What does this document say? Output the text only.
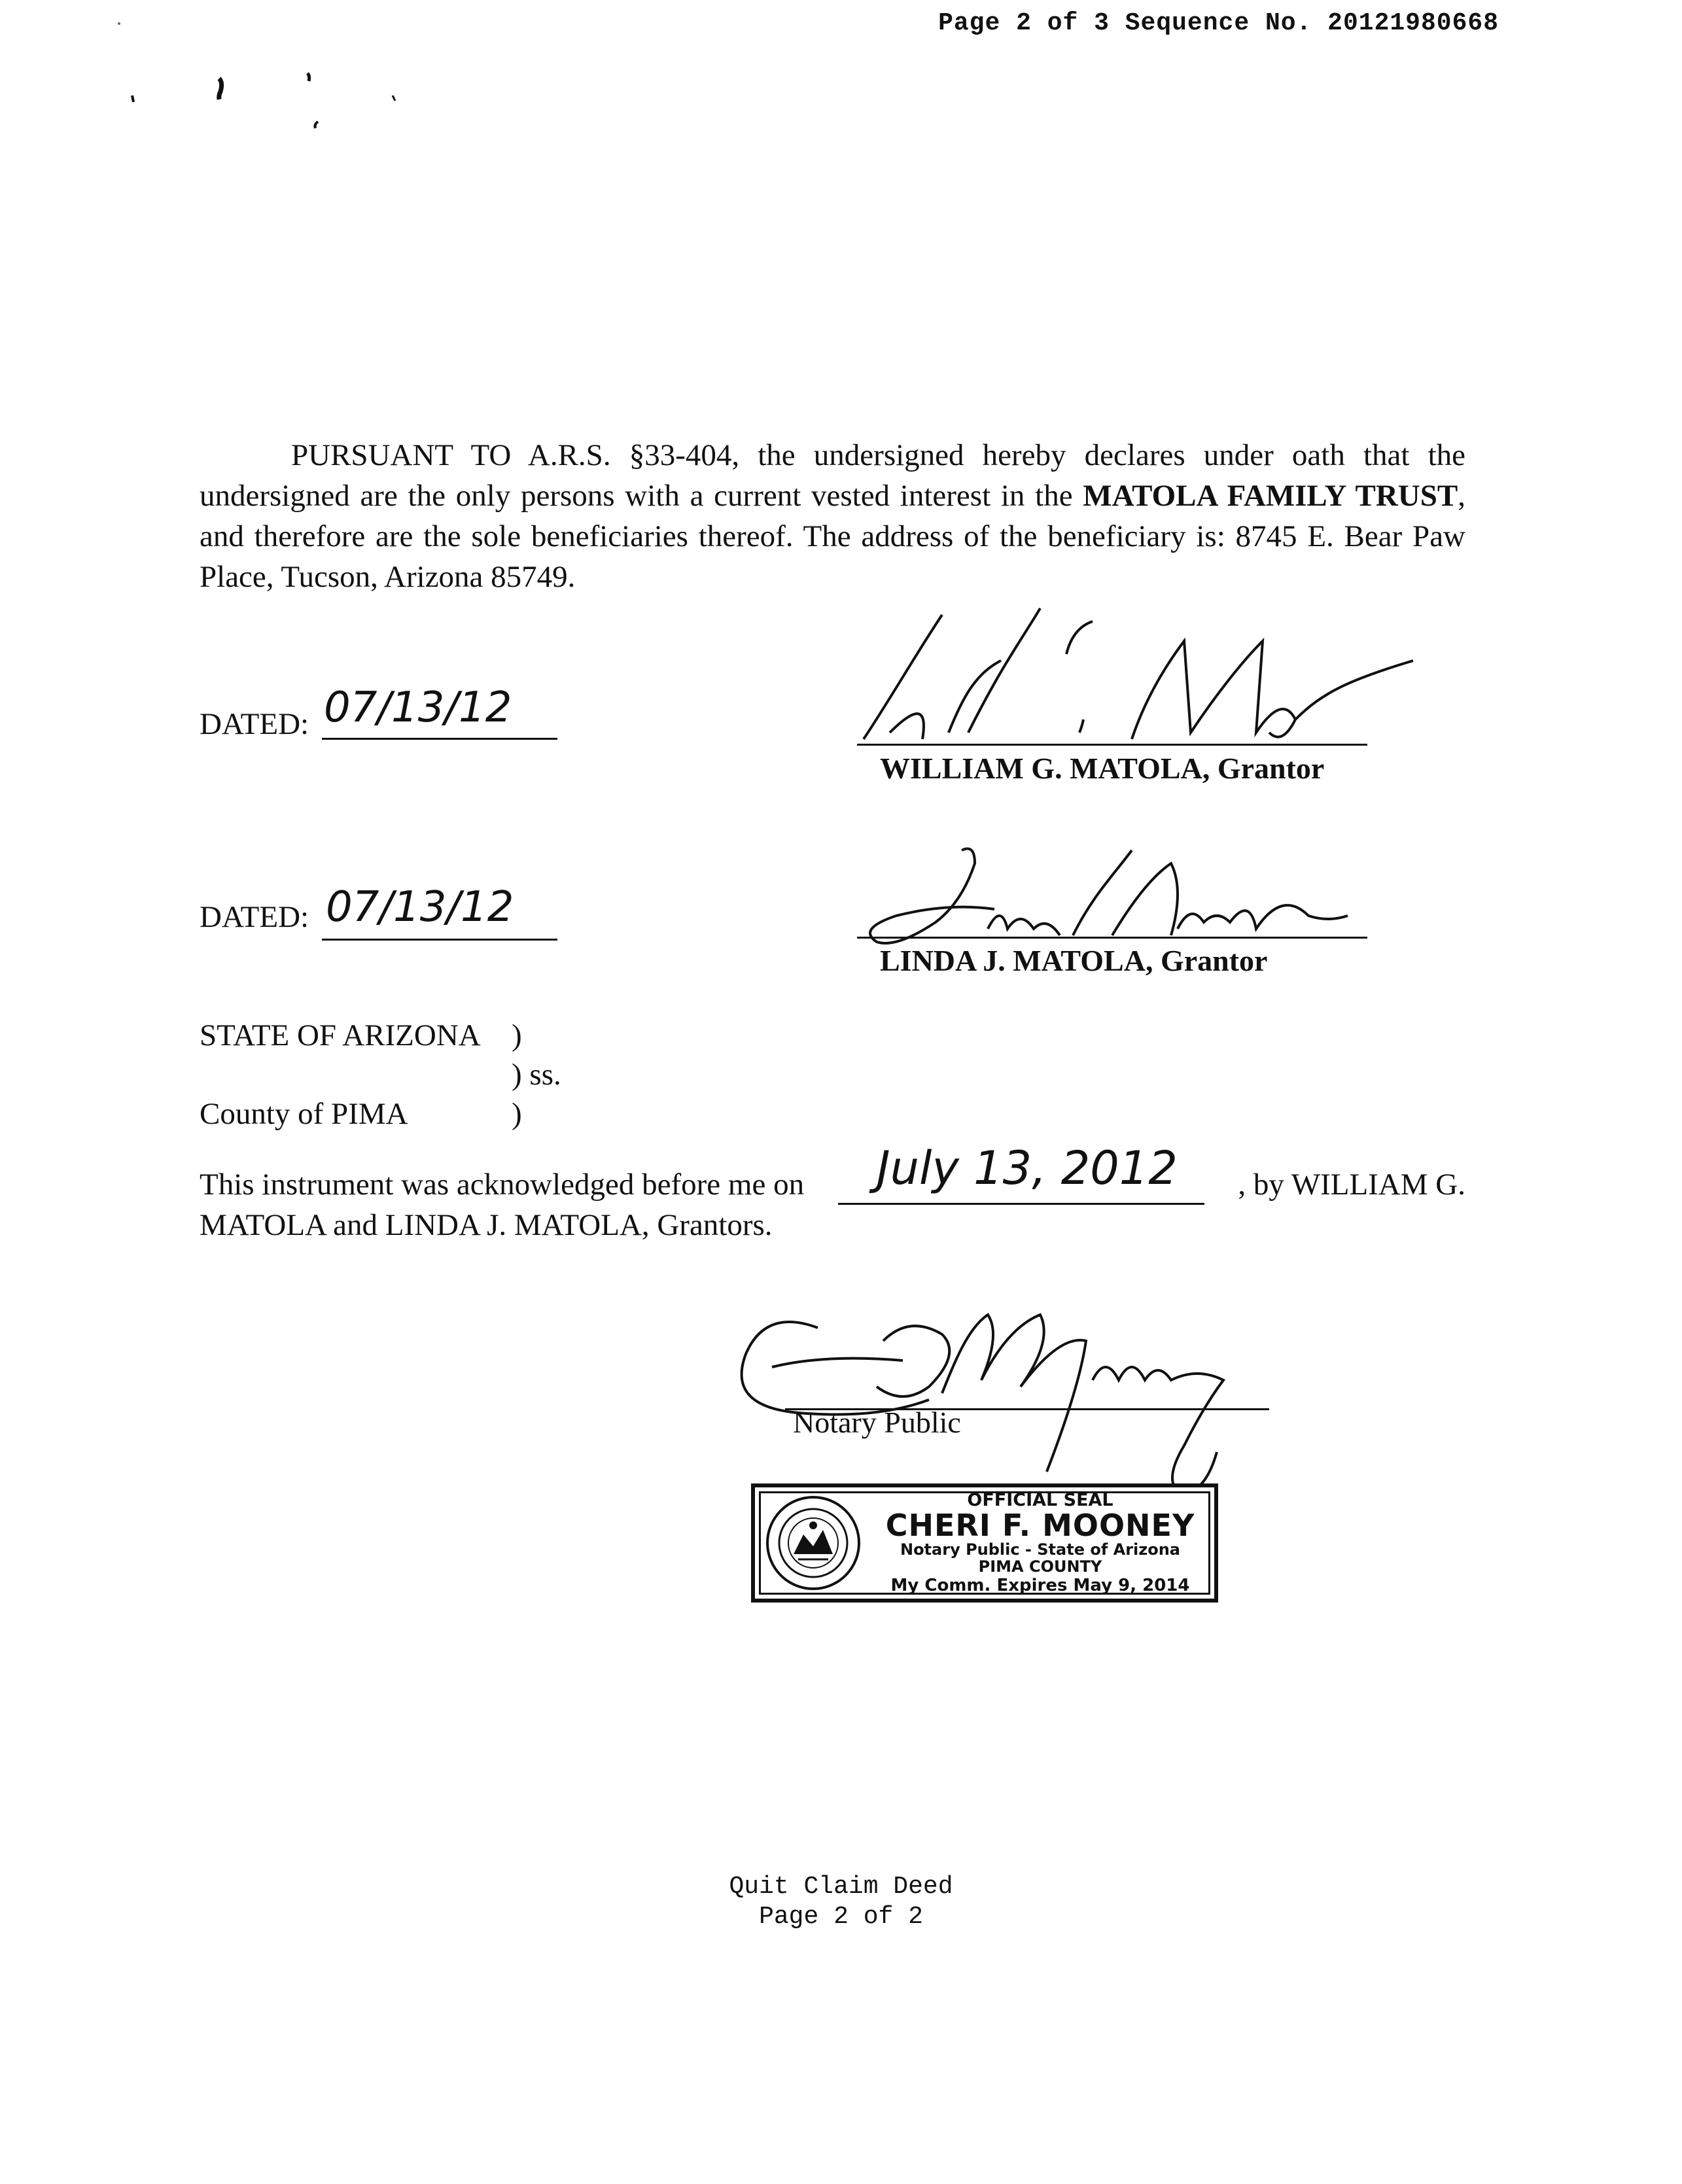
Page 2 of 3 Sequence No. 20121980668
PURSUANT TO A.R.S. §33-404, the undersigned hereby declares under oath that the undersigned are the only persons with a current vested interest in the MATOLA FAMILY TRUST, and therefore are the sole beneficiaries thereof. The address of the beneficiary is: 8745 E. Bear Paw Place, Tucson, Arizona 85749.
DATED: 07/13/12
WILLIAM G. MATOLA, Grantor
DATED: 07/13/12
LINDA J. MATOLA, Grantor
STATE OF ARIZONA )
) ss.
County of PIMA	)
This instrument was acknowledged before me on	, by WILLIAM G.
MATOLA and LINDA J. MATOLA, Grantors.
July 13, 2012
Notary Public
OFFICIAL SEAL
CHERI F. MOONEY
Notary Public - State of Arizona
PIMA COUNTY
My Comm. Expires May 9, 2014
Quit Claim Deed
Page 2 of 2
